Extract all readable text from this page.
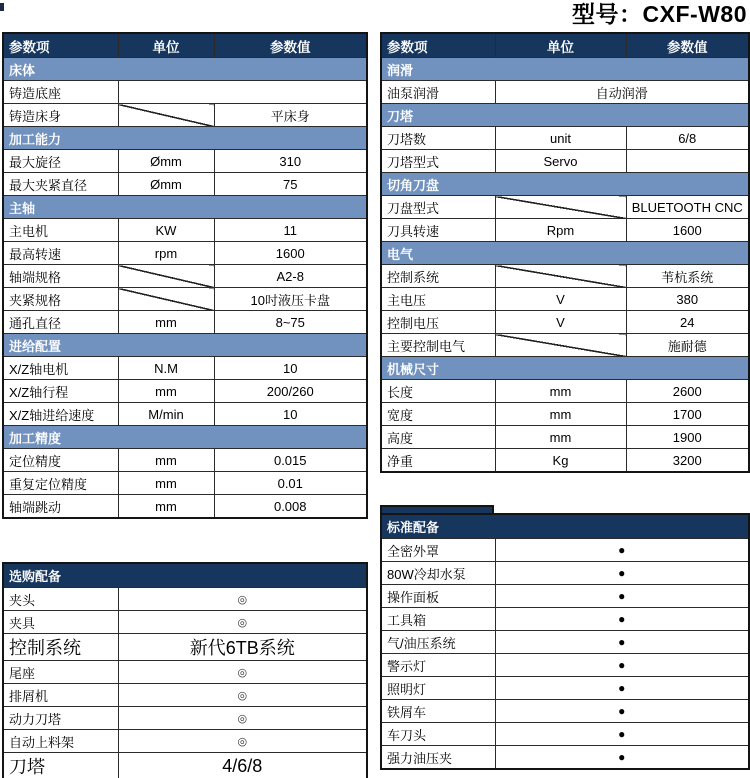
型号：CXF-W80
参数项	单位	参数值
床体		
铸造底座		
铸造床身		平床身
加工能力		
最大旋径	Ømm	310
最大夹紧直径	Ømm	75
主轴		
主电机	KW	11
最高转速	rpm	1600
轴端规格		A2-8
夹紧规格		10吋液压卡盘
通孔直径	mm	8~75
进给配置		
X/Z轴电机	N.M	10
X/Z轴行程	mm	200/260
X/Z轴进给速度	M/min	10
加工精度		
定位精度	mm	0.015
重复定位精度	mm	0.01
轴端跳动	mm	0.008
参数项	单位	参数值
润滑		
油泵润滑	自动润滑	
刀塔		
刀塔数	unit	6/8
刀塔型式	Servo	
切角刀盘		
刀盘型式		BLUETOOTH CNC
刀具转速	Rpm	1600
电气		
控制系统		苇杭系统
主电压	V	380
控制电压	V	24
主要控制电气		施耐德
机械尺寸		
长度	mm	2600
宽度	mm	1700
高度	mm	1900
净重	Kg	3200
选购配备	
夹头	◎
夹具	◎
控制系统	新代6TB系统
尾座	◎
排屑机	◎
动力刀塔	◎
自动上料架	◎
刀塔	4/6/8
标准配备	
全密外罩	●
80W冷却水泵	●
操作面板	●
工具箱	●
气/油压系统	●
警示灯	●
照明灯	●
铁屑车	●
车刀头	●
强力油压夹	●
